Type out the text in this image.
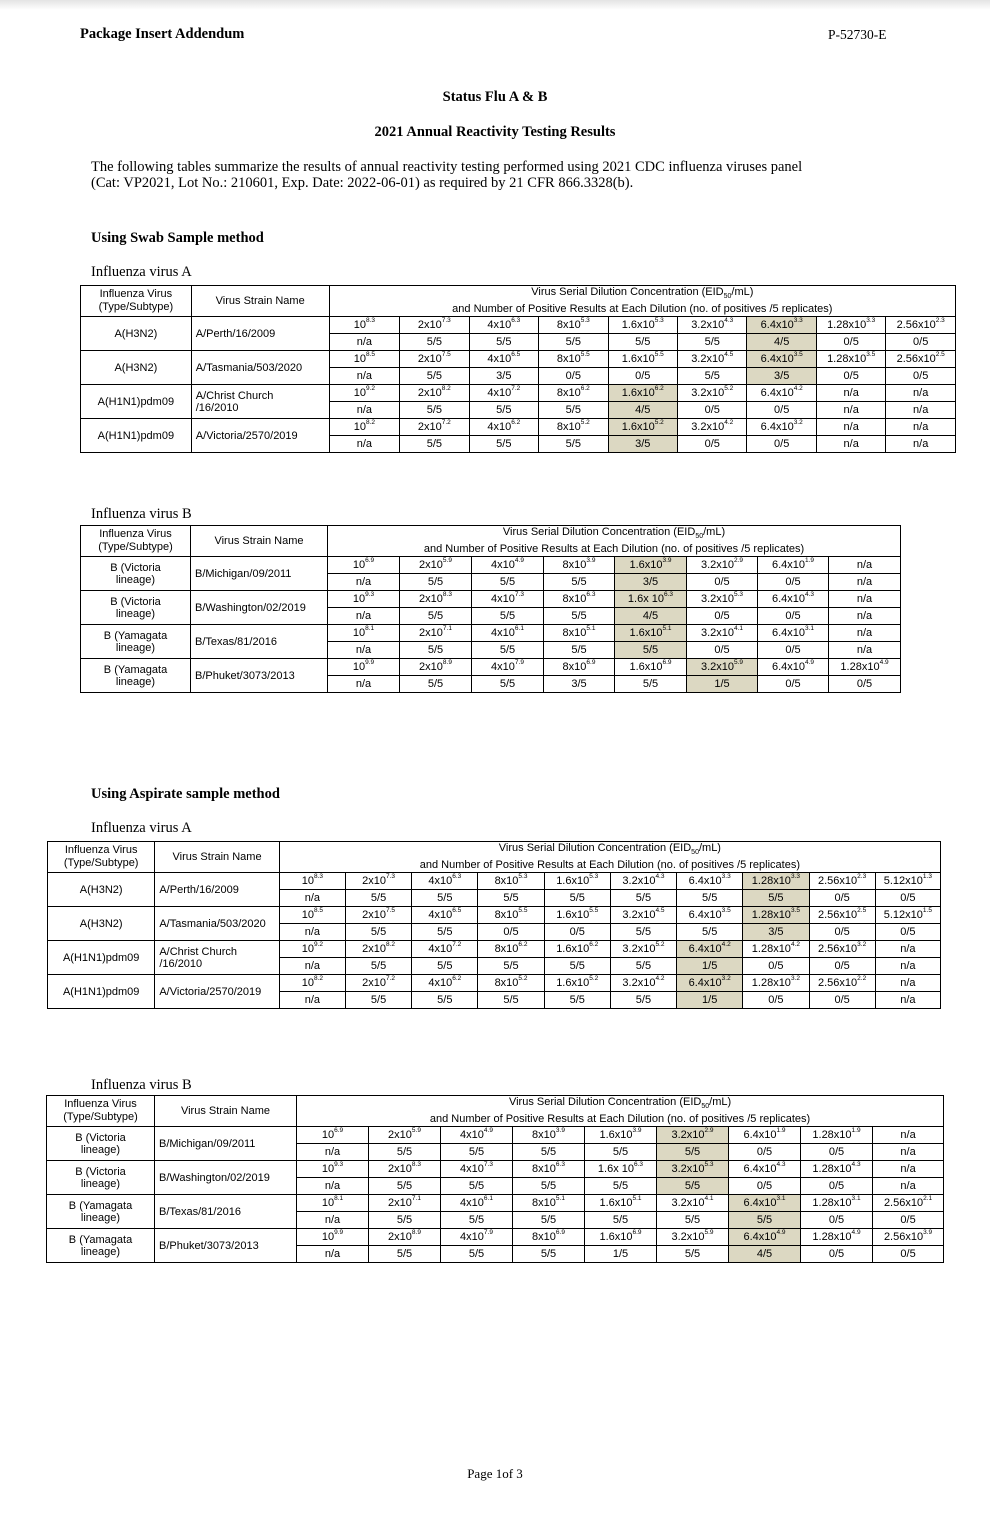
Package Insert Addendum	P-52730-E
Status Flu A & B
2021 Annual Reactivity Testing Results
The following tables summarize the results of annual reactivity testing performed using 2021 CDC influenza viruses panel (Cat: VP2021, Lot No.: 210601, Exp. Date: 2022-06-01) as required by 21 CFR 866.3328(b).
Using Swab Sample method
Influenza virus A
Influenza Virus
(Type/Subtype)	Virus Strain Name	Virus Serial Dilution Concentration $(EID_{50}/mL)$
and Number of Positive Results at Each Dilution (no. of positives /5 replicates)								
A(H3N2)	A/Perth/16/2009	$10^{8.3}$	$2x10^{7.3}$	$4x10^{6.3}$	$8x10^{5.3}$	$1.6x10^{5.3}$	$3.2x10^{4.3}$	$6.4x10^{3.3}$	$1.28x10^{3.3}$	$2.56x10^{2.3}$
		n/a	5/5	5/5	5/5	5/5	5/5	4/5	0/5	0/5
A(H3N2)	A/Tasmania/503/2020	$10^{8.5}$	$2x10^{7.5}$	$4x10^{6.5}$	$8x10^{5.5}$	$1.6x10^{5.5}$	$3.2x10^{4.5}$	$6.4x10^{3.5}$	$1.28x10^{3.5}$	$2.56x10^{2.5}$
		n/a	5/5	3/5	0/5	0/5	5/5	3/5	0/5	0/5
A(H1N1)pdm09	A/Christ Church
/16/2010	$10^{9.2}$	$2x10^{8.2}$	$4x10^{7.2}$	$8x10^{6.2}$	$1.6x10^{6.2}$	$3.2x10^{5.2}$	$6.4x10^{4.2}$	n/a	n/a
		n/a	5/5	5/5	5/5	4/5	0/5	0/5	n/a	n/a
A(H1N1)pdm09	A/Victoria/2570/2019	$10^{8.2}$	$2x10^{7.2}$	$4x10^{6.2}$	$8x10^{5.2}$	$1.6x10^{5.2}$	$3.2x10^{4.2}$	$6.4x10^{3.2}$	n/a	n/a
		n/a	5/5	5/5	5/5	3/5	0/5	0/5	n/a	n/a
Influenza virus B
Influenza Virus
(Type/Subtype)	Virus Strain Name	Virus Serial Dilution Concentration $(EID_{50}/mL)$
and Number of Positive Results at Each Dilution (no. of positives /5 replicates)							
B (Victoria
lineage)	B/Michigan/09/2011	$10^{6.9}$	$2x10^{5.9}$	$4x10^{4.9}$	$8x10^{3.9}$	$1.6x10^{3.9}$	$3.2x10^{2.9}$	$6.4x10^{1.9}$	n/a
		n/a	5/5	5/5	5/5	3/5	0/5	0/5	n/a
B (Victoria
lineage)	B/Washington/02/2019	$10^{9.3}$	$2x10^{8.3}$	$4x10^{7.3}$	$8x10^{6.3}$	1.6x $10^{6.3}$	$3.2x10^{5.3}$	$6.4x10^{4.3}$	n/a
		n/a	5/5	5/5	5/5	4/5	0/5	0/5	n/a
B (Yamagata
lineage)	B/Texas/81/2016	$10^{8.1}$	$2x10^{7.1}$	$4x10^{6.1}$	$8x10^{5.1}$	$1.6x10^{5.1}$	$3.2x10^{4.1}$	$6.4x10^{3.1}$	n/a
		n/a	5/5	5/5	5/5	5/5	0/5	0/5	n/a
B (Yamagata
lineage)	B/Phuket/3073/2013	$10^{9.9}$	$2x10^{8.9}$	$4x10^{7.9}$	$8x10^{6.9}$	$1.6x10^{6.9}$	$3.2x10^{5.9}$	$6.4x10^{4.9}$	$1.28x10^{4.9}$
		n/a	5/5	5/5	3/5	5/5	1/5	0/5	0/5
Using Aspirate sample method
Influenza virus A
Influenza Virus
(Type/Subtype)	Virus Strain Name	Virus Serial Dilution Concentration $(EID_{50}/mL)$
and Number of Positive Results at Each Dilution (no. of positives /5 replicates)									
A(H3N2)	A/Perth/16/2009	$10^{8.3}$	$2x10^{7.3}$	$4x10^{6.3}$	$8x10^{5.3}$	$1.6x10^{5.3}$	$3.2x10^{4.3}$	$6.4x10^{3.3}$	$1.28x10^{3.3}$	$2.56x10^{2.3}$	$5.12x10^{1.3}$
		n/a	5/5	5/5	5/5	5/5	5/5	5/5	5/5	0/5	0/5
A(H3N2)	A/Tasmania/503/2020	$10^{8.5}$	$2x10^{7.5}$	$4x10^{6.5}$	$8x10^{5.5}$	$1.6x10^{5.5}$	$3.2x10^{4.5}$	$6.4x10^{3.5}$	$1.28x10^{3.5}$	$2.56x10^{2.5}$	$5.12x10^{1.5}$
		n/a	5/5	5/5	0/5	0/5	5/5	5/5	3/5	0/5	0/5
A(H1N1)pdm09	A/Christ Church
/16/2010	$10^{9.2}$	$2x10^{8.2}$	$4x10^{7.2}$	$8x10^{6.2}$	$1.6x10^{6.2}$	$3.2x10^{5.2}$	$6.4x10^{4.2}$	$1.28x10^{4.2}$	$2.56x10^{3.2}$	n/a
		n/a	5/5	5/5	5/5	5/5	5/5	1/5	0/5	0/5	n/a
A(H1N1)pdm09	A/Victoria/2570/2019	$10^{8.2}$	$2x10^{7.2}$	$4x10^{6.2}$	$8x10^{5.2}$	$1.6x10^{5.2}$	$3.2x10^{4.2}$	$6.4x10^{3.2}$	$1.28x10^{3.2}$	$2.56x10^{2.2}$	n/a
		n/a	5/5	5/5	5/5	5/5	5/5	1/5	0/5	0/5	n/a
Influenza virus B
Influenza Virus
(Type/Subtype)	Virus Strain Name	Virus Serial Dilution Concentration $(EID_{50}/mL)$
and Number of Positive Results at Each Dilution (no. of positives /5 replicates)								
B (Victoria
lineage)	B/Michigan/09/2011	$10^{6.9}$	$2x10^{5.9}$	$4x10^{4.9}$	$8x10^{3.9}$	$1.6x10^{3.9}$	$3.2x10^{2.9}$	$6.4x10^{1.9}$	$1.28x10^{1.9}$	n/a
		n/a	5/5	5/5	5/5	5/5	5/5	0/5	0/5	n/a
B (Victoria
lineage)	B/Washington/02/2019	$10^{9.3}$	$2x10^{8.3}$	$4x10^{7.3}$	$8x10^{6.3}$	1.6x $10^{6.3}$	$3.2x10^{5.3}$	$6.4x10^{4.3}$	$1.28x10^{4.3}$	n/a
		n/a	5/5	5/5	5/5	5/5	5/5	0/5	0/5	n/a
B (Yamagata
lineage)	B/Texas/81/2016	$10^{8.1}$	$2x10^{7.1}$	$4x10^{6.1}$	$8x10^{5.1}$	$1.6x10^{5.1}$	$3.2x10^{4.1}$	$6.4x10^{3.1}$	$1.28x10^{3.1}$	$2.56x10^{2.1}$
		n/a	5/5	5/5	5/5	5/5	5/5	5/5	0/5	0/5
B (Yamagata
lineage)	B/Phuket/3073/2013	$10^{9.9}$	$2x10^{8.9}$	$4x10^{7.9}$	$8x10^{6.9}$	$1.6x10^{6.9}$	$3.2x10^{5.9}$	$6.4x10^{4.9}$	$1.28x10^{4.9}$	$2.56x10^{3.9}$
		n/a	5/5	5/5	5/5	1/5	5/5	4/5	0/5	0/5
Page 1of 3
